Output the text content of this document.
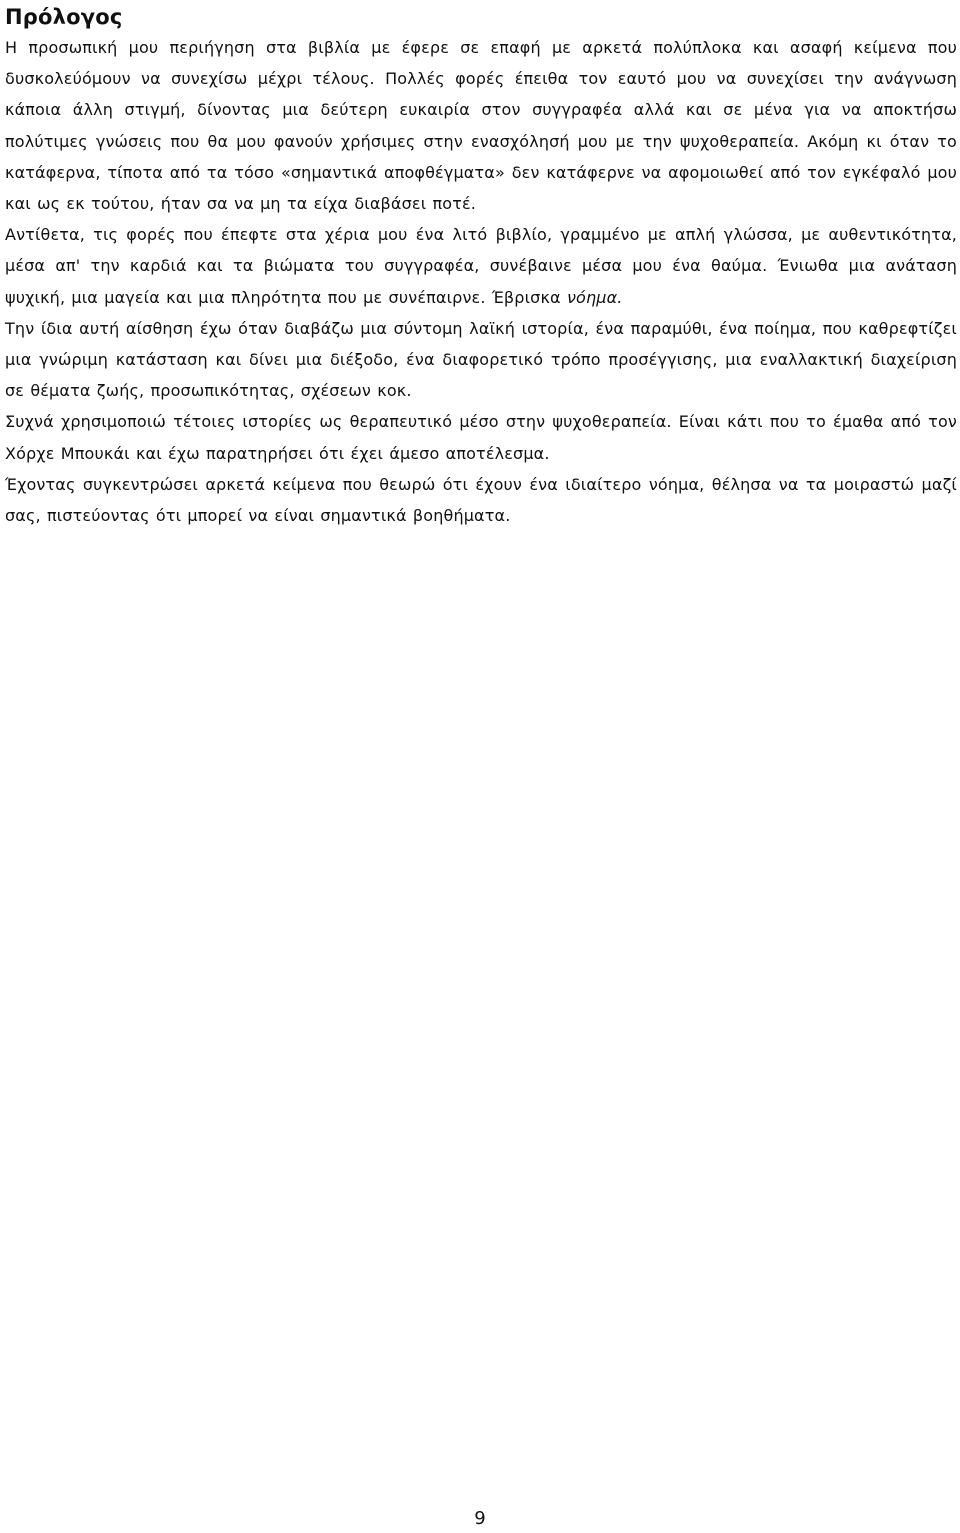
Πρόλογος

Η προσωπική μου περιήγηση στα βιβλία με έφερε σε επαφή με αρκετά πολύπλοκα και ασαφή κείμενα που δυσκολεύόμουν να συνεχίσω μέχρι τέλους. Πολλές φορές έπειθα τον εαυτό μου να συνεχίσει την ανάγνωση κάποια άλλη στιγμή, δίνοντας μια δεύτερη ευκαιρία στον συγγραφέα αλλά και σε μένα για να αποκτήσω πολύτιμες γνώσεις που θα μου φανούν χρήσιμες στην ενασχόλησή μου με την ψυχοθεραπεία. Ακόμη κι όταν το κατάφερνα, τίποτα από τα τόσο «σημαντικά αποφθέγματα» δεν κατάφερνε να αφομοιωθεί από τον εγκέφαλό μου και ως εκ τούτου, ήταν σα να μη τα είχα διαβάσει ποτέ.

Αντίθετα, τις φορές που έπεφτε στα χέρια μου ένα λιτό βιβλίο, γραμμένο με απλή γλώσσα, με αυθεντικότητα, μέσα απ' την καρδιά και τα βιώματα του συγγραφέα, συνέβαινε μέσα μου ένα θαύμα. Ένιωθα μια ανάταση ψυχική, μια μαγεία και μια πληρότητα που με συνέπαιρνε. Έβρισκα νόημα.

Την ίδια αυτή αίσθηση έχω όταν διαβάζω μια σύντομη λαϊκή ιστορία, ένα παραμύθι, ένα ποίημα, που καθρεφτίζει μια γνώριμη κατάσταση και δίνει μια διέξοδο, ένα διαφορετικό τρόπο προσέγγισης, μια εναλλακτική διαχείριση σε θέματα ζωής, προσωπικότητας, σχέσεων κοκ.

Συχνά χρησιμοποιώ τέτοιες ιστορίες ως θεραπευτικό μέσο στην ψυχοθεραπεία. Είναι κάτι που το έμαθα από τον Χόρχε Μπουκάι και έχω παρατηρήσει ότι έχει άμεσο αποτέλεσμα.

Έχοντας συγκεντρώσει αρκετά κείμενα που θεωρώ ότι έχουν ένα ιδιαίτερο νόημα, θέλησα να τα μοιραστώ μαζί σας, πιστεύοντας ότι μπορεί να είναι σημαντικά βοηθήματα.

9
